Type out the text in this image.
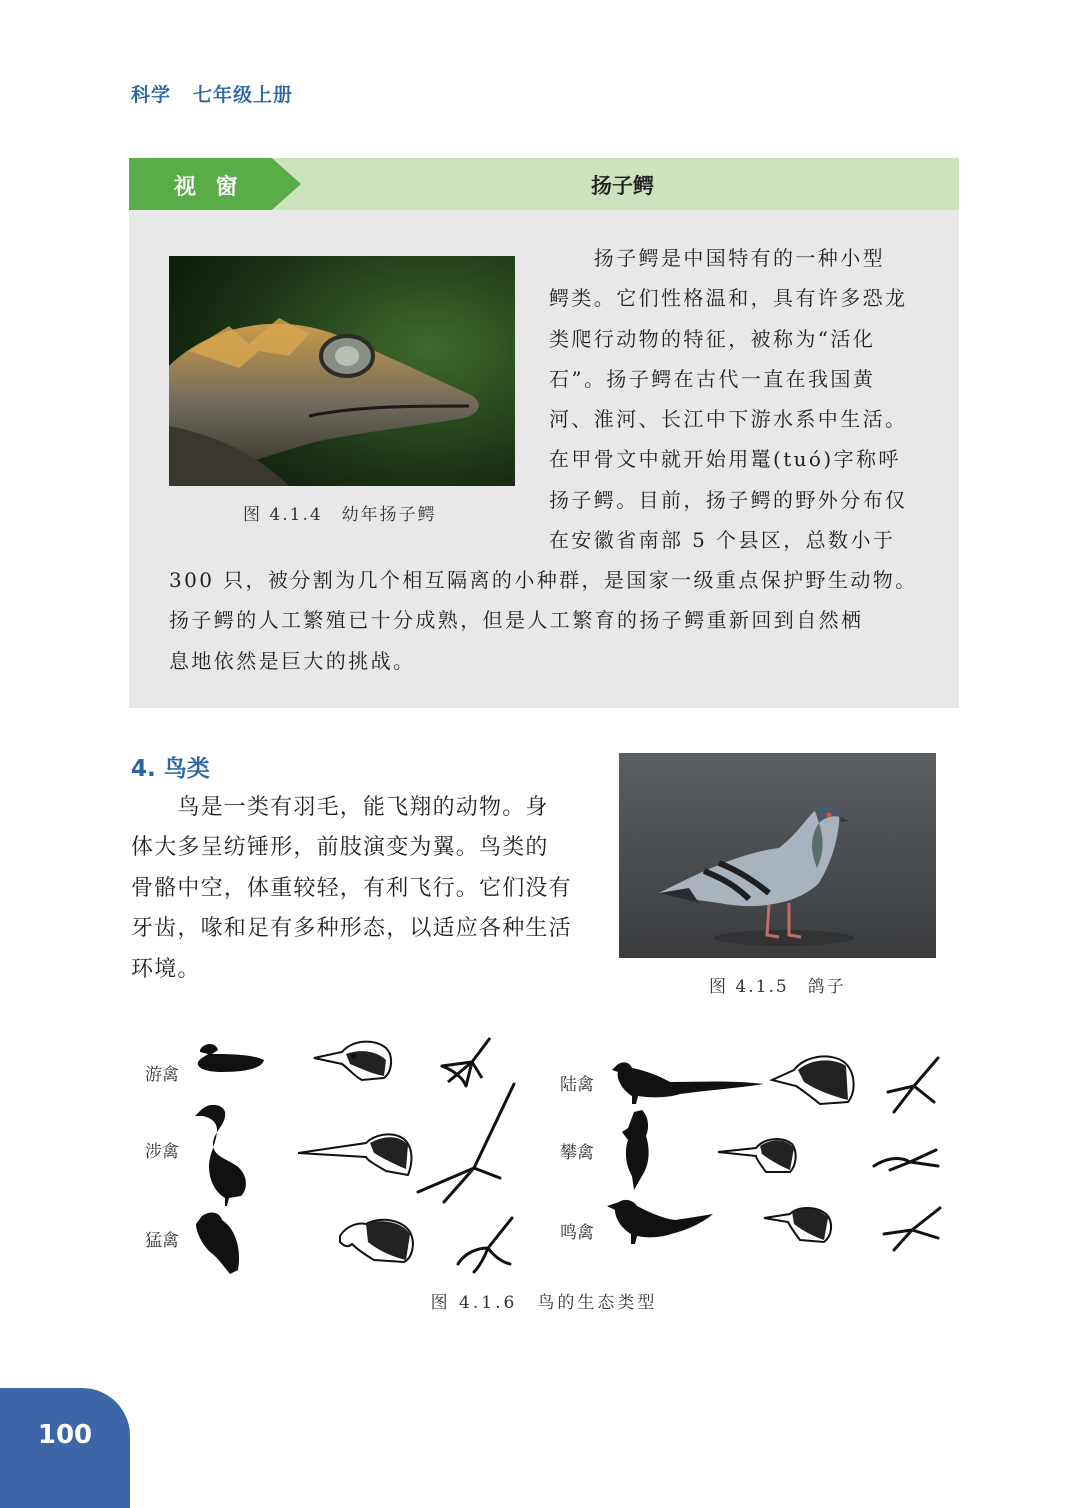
科学 七年级上册
视 窗	扬子鳄
图 4.1.4　幼年扬子鳄
　　扬子鳄是中国特有的一种小型
鳄类。它们性格温和，具有许多恐龙
类爬行动物的特征，被称为“活化
石”。扬子鳄在古代一直在我国黄
河、淮河、长江中下游水系中生活。
在甲骨文中就开始用鼍(tuó)字称呼
扬子鳄。目前，扬子鳄的野外分布仅
在安徽省南部 5 个县区，总数小于
300 只，被分割为几个相互隔离的小种群，是国家一级重点保护野生动物。
扬子鳄的人工繁殖已十分成熟，但是人工繁育的扬子鳄重新回到自然栖
息地依然是巨大的挑战。
4. 鸟类
　　鸟是一类有羽毛，能飞翔的动物。身
体大多呈纺锤形，前肢演变为翼。鸟类的
骨骼中空，体重较轻，有利飞行。它们没有
牙齿，喙和足有多种形态，以适应各种生活
环境。
图 4.1.5　鸽子
游禽
涉禽
猛禽
陆禽
攀禽
鸣禽
图 4.1.6　鸟的生态类型
100
